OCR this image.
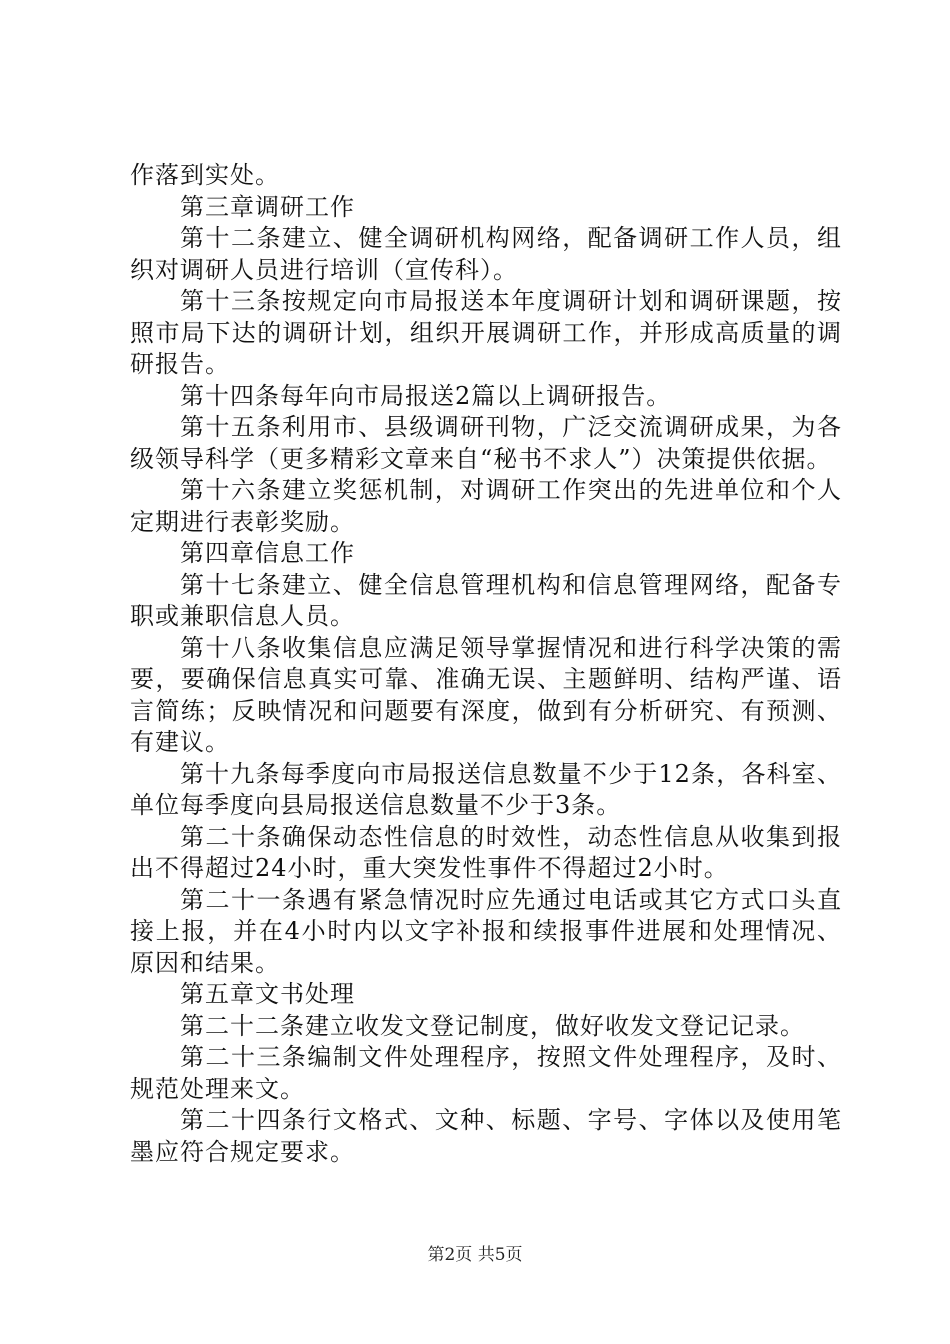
作落到实处。

第三章调研工作

第十二条建立、健全调研机构网络，配备调研工作人员，组织对调研人员进行培训（宣传科）。

第十三条按规定向市局报送本年度调研计划和调研课题，按照市局下达的调研计划，组织开展调研工作，并形成高质量的调研报告。

第十四条每年向市局报送2篇以上调研报告。

第十五条利用市、县级调研刊物，广泛交流调研成果，为各级领导科学（更多精彩文章来自“秘书不求人”）决策提供依据。

第十六条建立奖惩机制，对调研工作突出的先进单位和个人定期进行表彰奖励。

第四章信息工作

第十七条建立、健全信息管理机构和信息管理网络，配备专职或兼职信息人员。

第十八条收集信息应满足领导掌握情况和进行科学决策的需要，要确保信息真实可靠、准确无误、主题鲜明、结构严谨、语言简练；反映情况和问题要有深度，做到有分析研究、有预测、有建议。

第十九条每季度向市局报送信息数量不少于12条，各科室、单位每季度向县局报送信息数量不少于3条。

第二十条确保动态性信息的时效性，动态性信息从收集到报出不得超过24小时，重大突发性事件不得超过2小时。

第二十一条遇有紧急情况时应先通过电话或其它方式口头直接上报，并在4小时内以文字补报和续报事件进展和处理情况、原因和结果。

第五章文书处理

第二十二条建立收发文登记制度，做好收发文登记记录。

第二十三条编制文件处理程序，按照文件处理程序，及时、规范处理来文。

第二十四条行文格式、文种、标题、字号、字体以及使用笔墨应符合规定要求。

第2页 共5页
